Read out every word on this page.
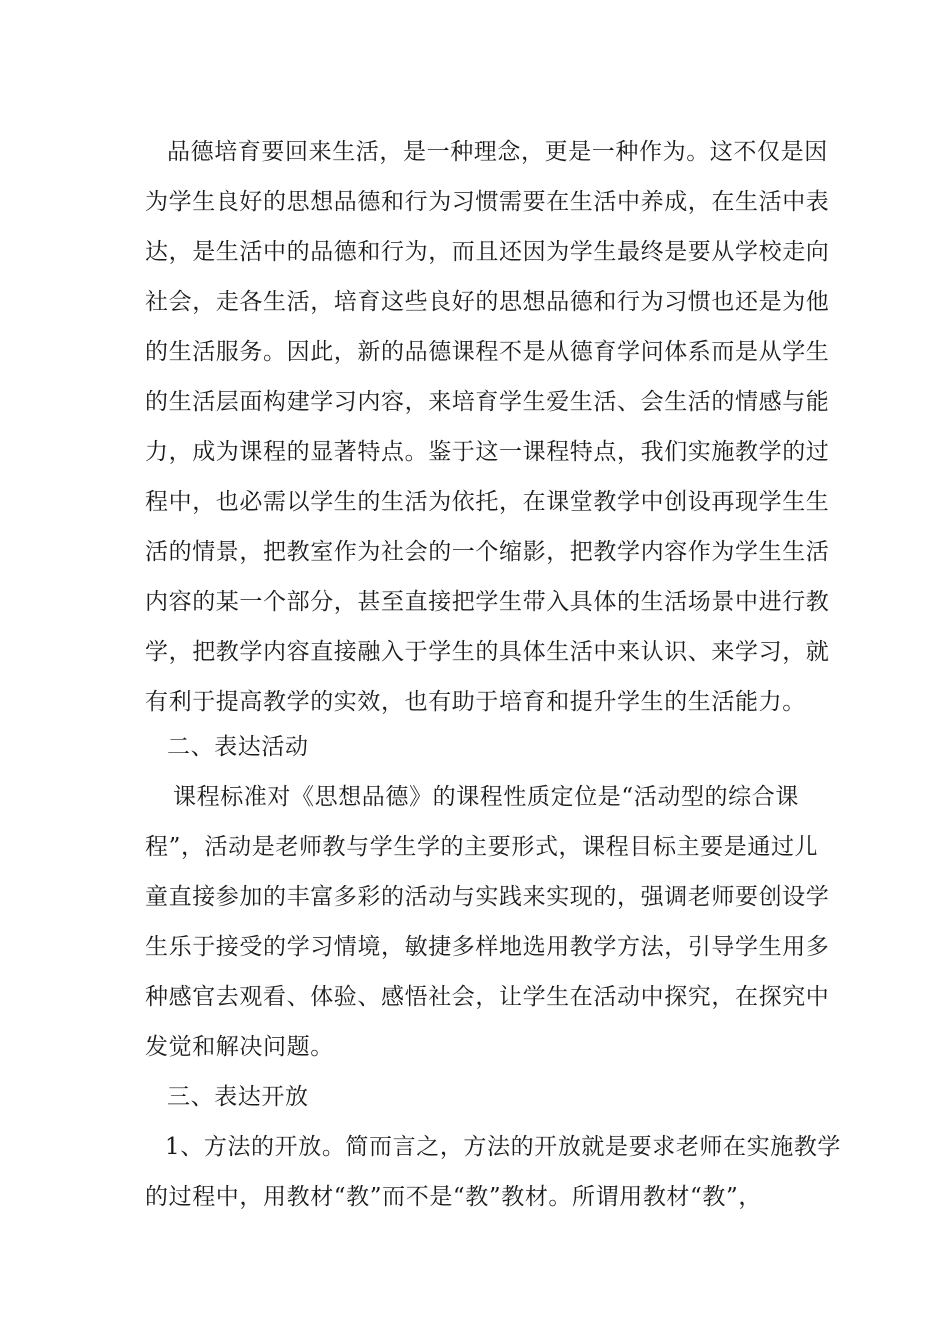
品德培育要回来生活，是一种理念，更是一种作为。这不仅是因
为学生良好的思想品德和行为习惯需要在生活中养成，在生活中表
达，是生活中的品德和行为，而且还因为学生最终是要从学校走向
社会，走各生活，培育这些良好的思想品德和行为习惯也还是为他
的生活服务。因此，新的品德课程不是从德育学问体系而是从学生
的生活层面构建学习内容，来培育学生爱生活、会生活的情感与能
力，成为课程的显著特点。鉴于这一课程特点，我们实施教学的过
程中，也必需以学生的生活为依托，在课堂教学中创设再现学生生
活的情景，把教室作为社会的一个缩影，把教学内容作为学生生活
内容的某一个部分，甚至直接把学生带入具体的生活场景中进行教
学，把教学内容直接融入于学生的具体生活中来认识、来学习，就
有利于提高教学的实效，也有助于培育和提升学生的生活能力。
二、表达活动
课程标准对《思想品德》的课程性质定位是“活动型的综合课
程”，活动是老师教与学生学的主要形式，课程目标主要是通过儿
童直接参加的丰富多彩的活动与实践来实现的，强调老师要创设学
生乐于接受的学习情境，敏捷多样地选用教学方法，引导学生用多
种感官去观看、体验、感悟社会，让学生在活动中探究，在探究中
发觉和解决问题。
三、表达开放
1、方法的开放。简而言之，方法的开放就是要求老师在实施教学
的过程中，用教材“教”而不是“教”教材。所谓用教材“教”，
